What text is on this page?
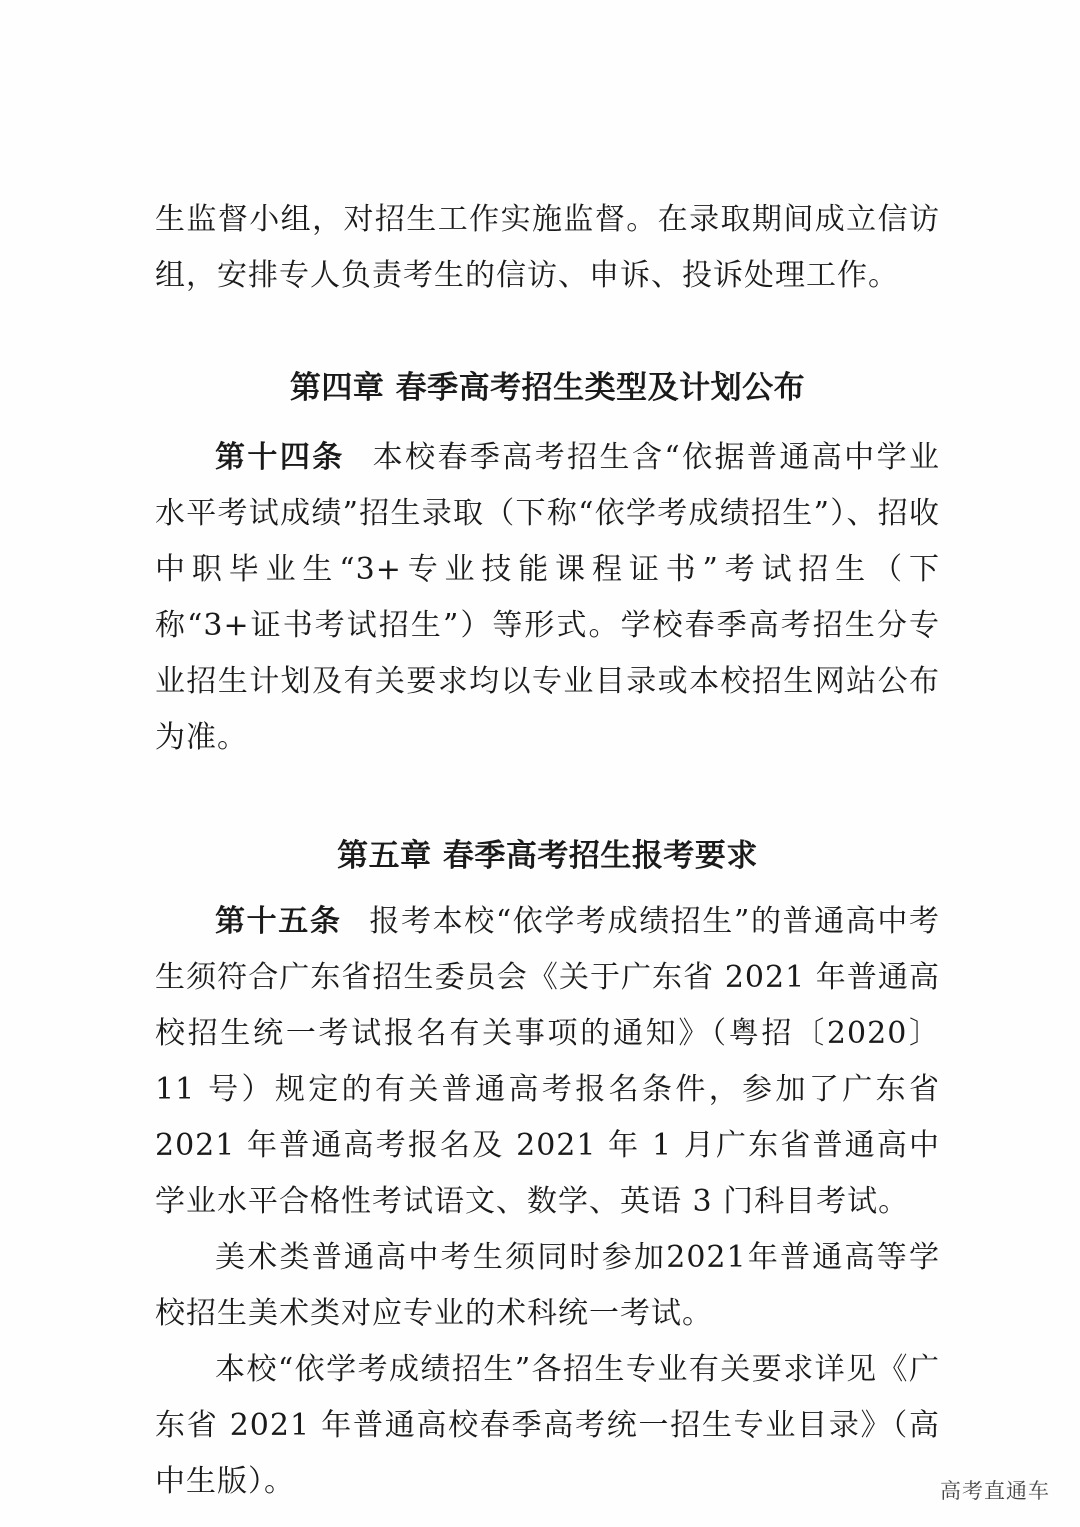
生监督小组，对招生工作实施监督。在录取期间成立信访组，安排专人负责考生的信访、申诉、投诉处理工作。

第四章 春季高考招生类型及计划公布

第十四条 本校春季高考招生含“依据普通高中学业水平考试成绩”招生录取（下称“依学考成绩招生”）、招收中职毕业生“3+专业技能课程证书”考试招生（下称“3+证书考试招生”）等形式。学校春季高考招生分专业招生计划及有关要求均以专业目录或本校招生网站公布为准。

第五章 春季高考招生报考要求

第十五条 报考本校“依学考成绩招生”的普通高中考生须符合广东省招生委员会《关于广东省 2021 年普通高校招生统一考试报名有关事项的通知》（粤招〔2020〕11 号）规定的有关普通高考报名条件，参加了广东省 2021 年普通高考报名及 2021 年 1 月广东省普通高中学业水平合格性考试语文、数学、英语 3 门科目考试。

美术类普通高中考生须同时参加2021年普通高等学校招生美术类对应专业的术科统一考试。

本校“依学考成绩招生”各招生专业有关要求详见《广东省 2021 年普通高校春季高考统一招生专业目录》（高中生版）。	高考直通车
